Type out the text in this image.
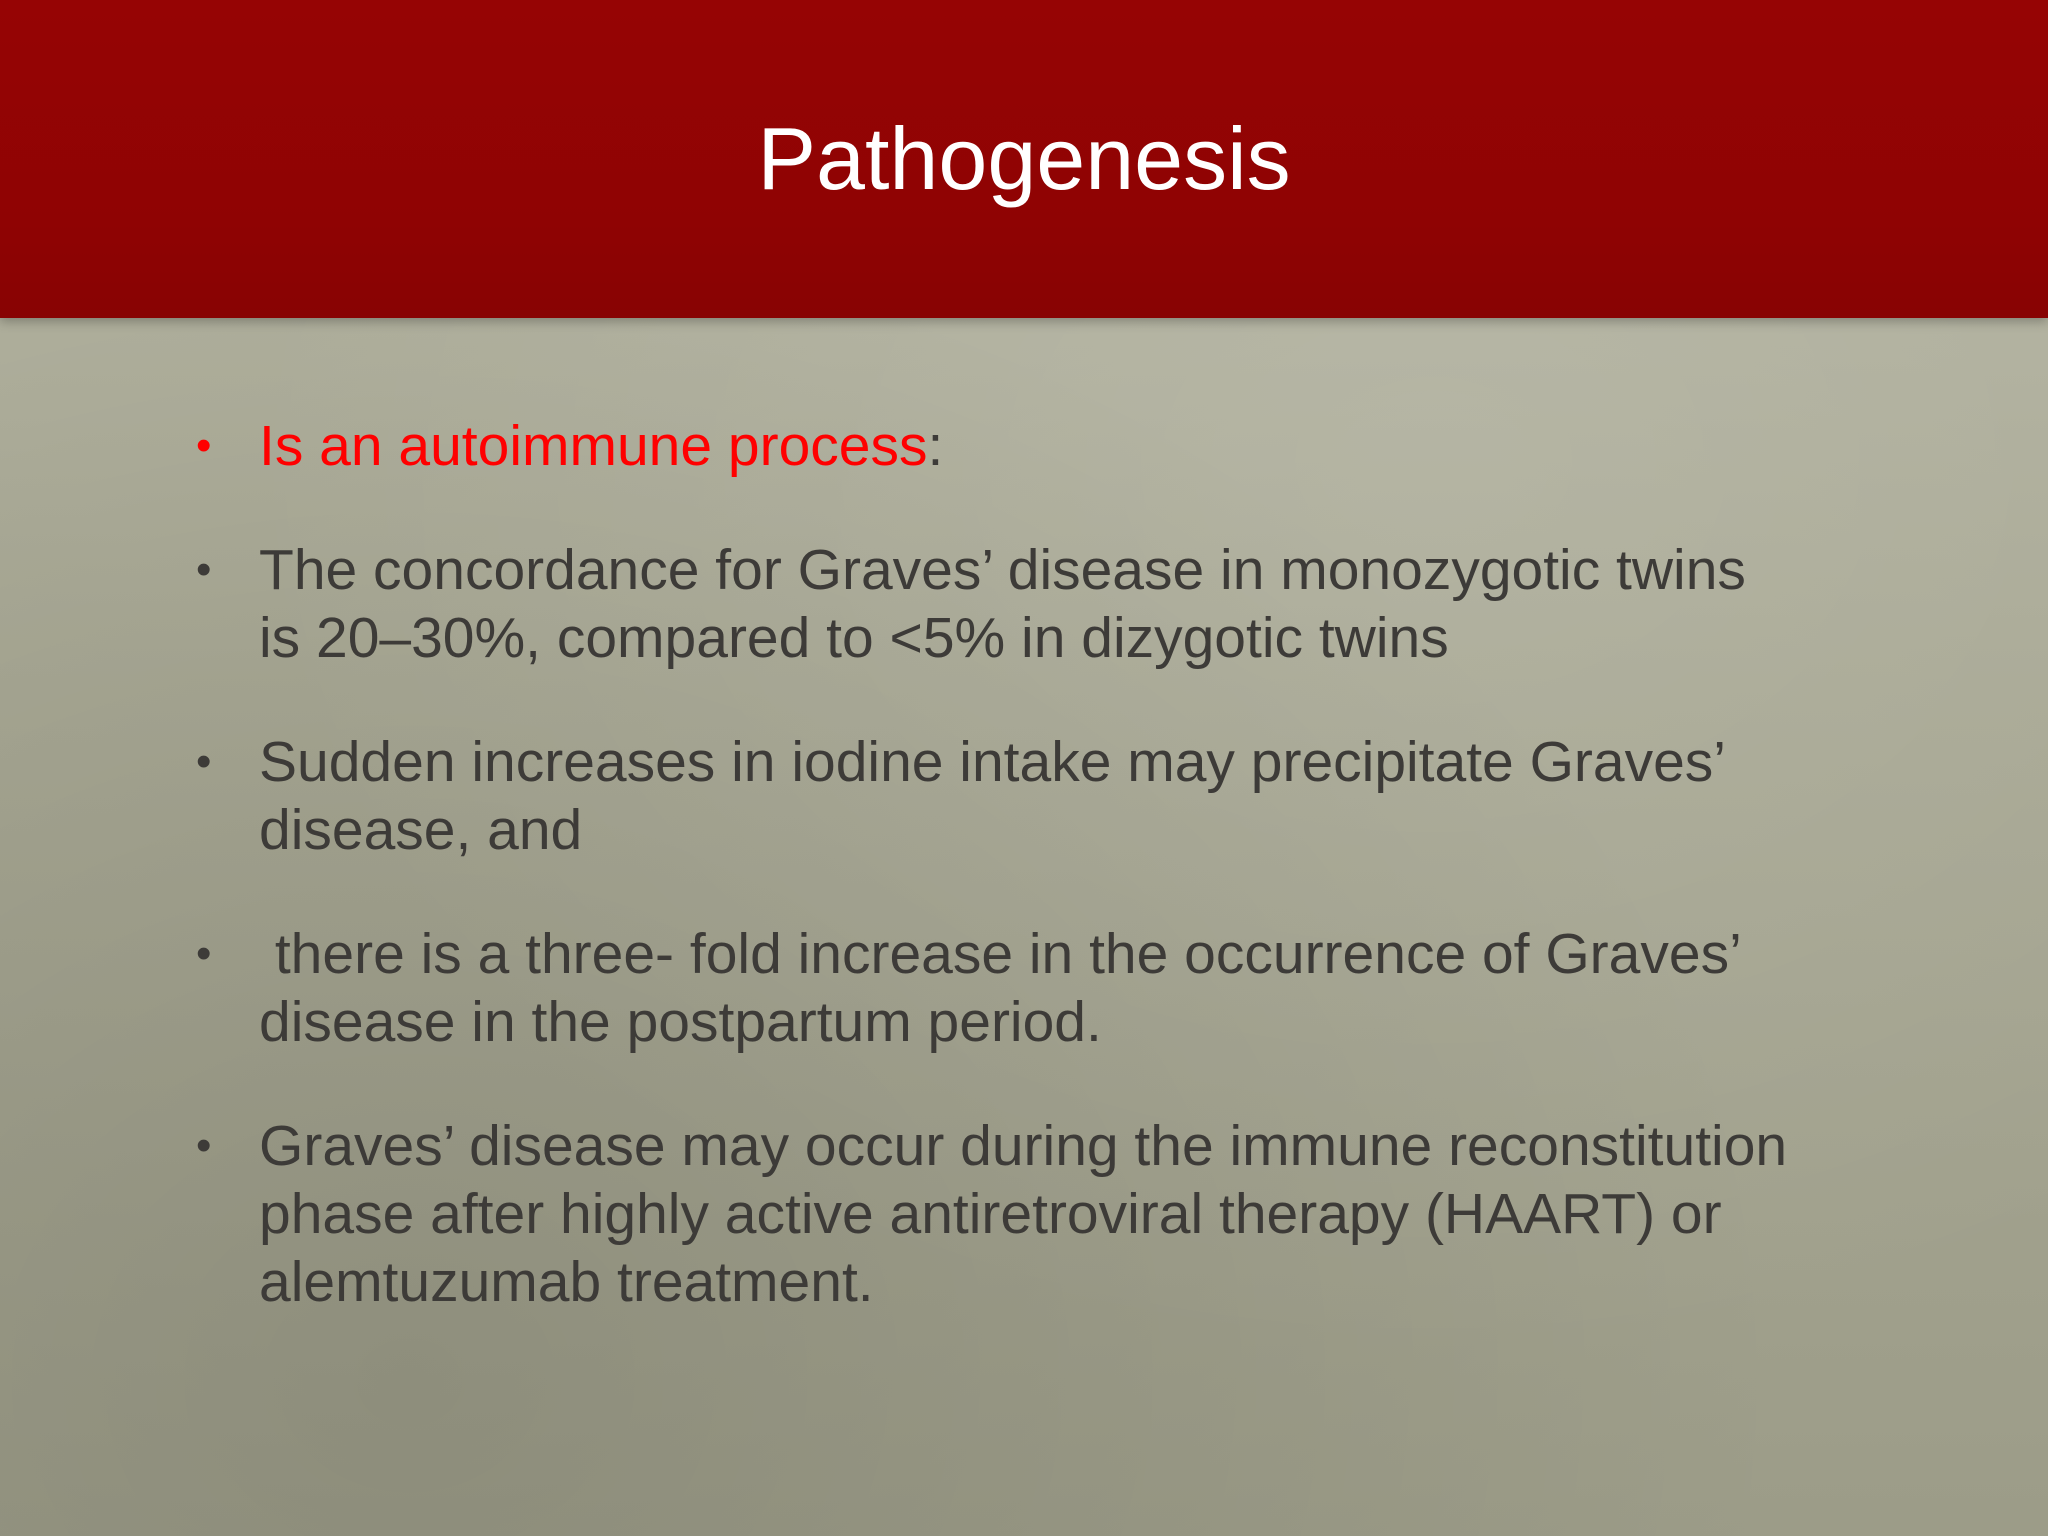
Pathogenesis
• Is an autoimmune process:
• The concordance for Graves’ disease in monozygotic twins is 20–30%, compared to <5% in dizygotic twins
• Sudden increases in iodine intake may precipitate Graves’ disease, and
• there is a three- fold increase in the occurrence of Graves’ disease in the postpartum period.
• Graves’ disease may occur during the immune reconstitution phase after highly active antiretroviral therapy (HAART) or alemtuzumab treatment.
